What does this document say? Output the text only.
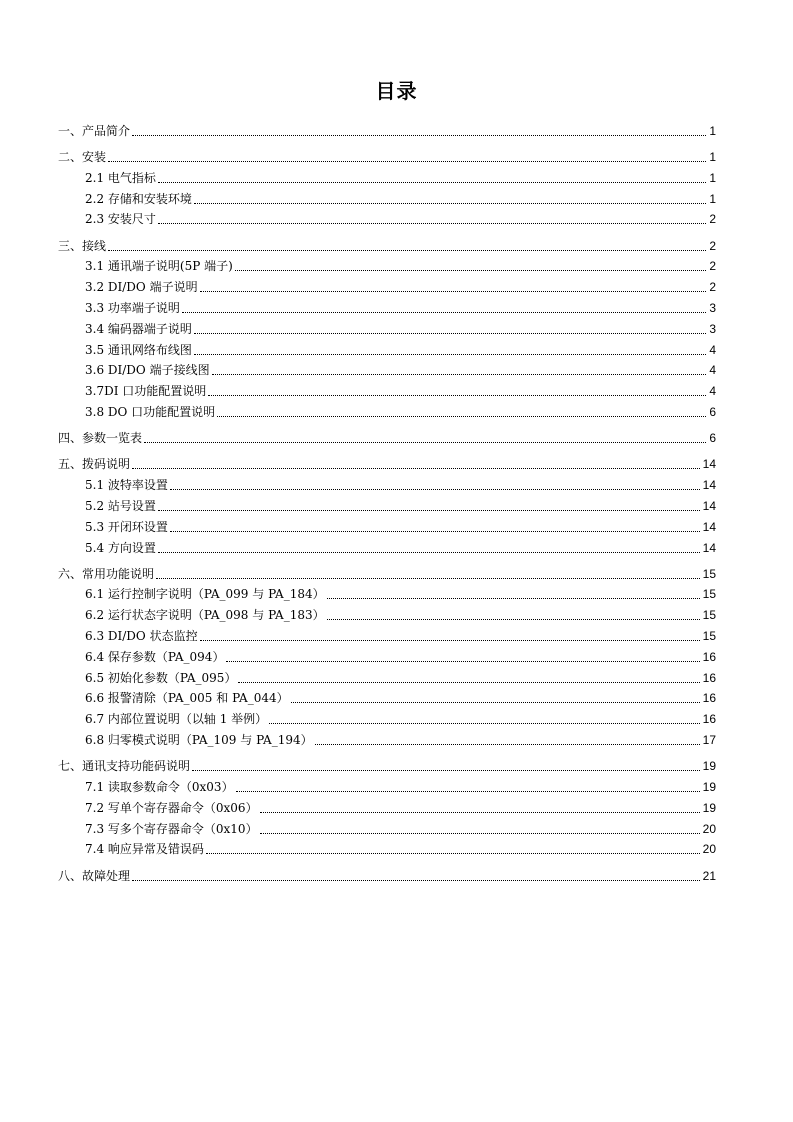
目录
一、产品简介	1
二、安装	1
2.1 电气指标	1
2.2 存储和安装环境	1
2.3 安装尺寸	2
三、接线	2
3.1 通讯端子说明(5P 端子)	2
3.2 DI/DO 端子说明	2
3.3 功率端子说明	3
3.4 编码器端子说明	3
3.5 通讯网络布线图	4
3.6 DI/DO 端子接线图	4
3.7DI 口功能配置说明	4
3.8 DO 口功能配置说明	6
四、参数一览表	6
五、拨码说明	14
5.1 波特率设置	14
5.2 站号设置	14
5.3 开闭环设置	14
5.4 方向设置	14
六、常用功能说明	15
6.1 运行控制字说明（PA_099 与 PA_184）	15
6.2 运行状态字说明（PA_098 与 PA_183）	15
6.3 DI/DO 状态监控	15
6.4 保存参数（PA_094）	16
6.5 初始化参数（PA_095）	16
6.6 报警清除（PA_005 和 PA_044）	16
6.7 内部位置说明（以轴 1 举例）	16
6.8 归零模式说明（PA_109 与 PA_194）	17
七、通讯支持功能码说明	19
7.1 读取参数命令（0x03）	19
7.2 写单个寄存器命令（0x06）	19
7.3 写多个寄存器命令（0x10）	20
7.4 响应异常及错误码	20
八、故障处理	21
